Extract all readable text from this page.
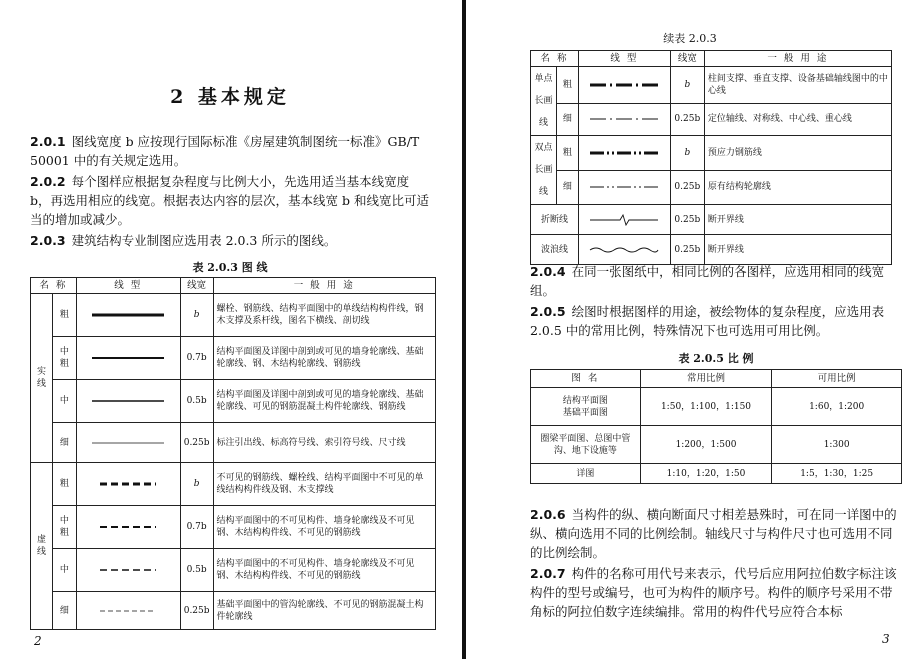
2 基本规定
2.0.1 图线宽度 b 应按现行国际标准《房屋建筑制图统一标准》GB/T 50001 中的有关规定选用。
2.0.2 每个图样应根据复杂程度与比例大小，先选用适当基本线宽度 b，再选用相应的线宽。根据表达内容的层次，基本线宽 b 和线宽比可适当的增加或减少。
2.0.3 建筑结构专业制图应选用表 2.0.3 所示的图线。
表 2.0.3 图 线
名 称		线 型	线宽	一 般 用 途
实线	粗		b	螺栓、钢筋线、结构平面图中的单线结构构件线，钢木支撑及系杆线，图名下横线、剖切线
	中粗		0.7b	结构平面图及详图中剖到或可见的墙身轮廓线、基础轮廓线、钢、木结构轮廓线、钢筋线
	中		0.5b	结构平面图及详图中剖到或可见的墙身轮廓线、基础轮廓线、可见的钢筋混凝土构件轮廓线、钢筋线
	细		0.25b	标注引出线、标高符号线、索引符号线、尺寸线
虚线	粗		b	不可见的钢筋线、螺栓线、结构平面图中不可见的单线结构构件线及钢、木支撑线
	中粗		0.7b	结构平面图中的不可见构件、墙身轮廓线及不可见钢、木结构构件线、不可见的钢筋线
	中		0.5b	结构平面图中的不可见构件、墙身轮廓线及不可见钢、木结构构件线、不可见的钢筋线
	细		0.25b	基础平面图中的管沟轮廓线、不可见的钢筋混凝土构件轮廓线
2
续表 2.0.3
名 称		线 型	线宽	一 般 用 途
单点长画线	粗		b	柱间支撑、垂直支撑、设备基础轴线图中的中心线
	细		0.25b	定位轴线、对称线、中心线、重心线
双点长画线	粗		b	预应力钢筋线
	细		0.25b	原有结构轮廓线
折断线			0.25b	断开界线
波浪线			0.25b	断开界线
2.0.4 在同一张图纸中，相同比例的各图样，应选用相同的线宽组。
2.0.5 绘图时根据图样的用途，被绘物体的复杂程度，应选用表 2.0.5 中的常用比例，特殊情况下也可选用可用比例。
表 2.0.5 比 例
图 名	常用比例	可用比例
结构平面图
基础平面图	1:50，1:100，1:150	1:60，1:200
圈梁平面图、总图中管沟、地下设施等	1:200，1:500	1:300
详图	1:10，1:20，1:50	1:5，1:30，1:25
2.0.6 当构件的纵、横向断面尺寸相差悬殊时，可在同一详图中的纵、横向选用不同的比例绘制。轴线尺寸与构件尺寸也可选用不同的比例绘制。
2.0.7 构件的名称可用代号来表示，代号后应用阿拉伯数字标注该构件的型号或编号，也可为构件的顺序号。构件的顺序号采用不带角标的阿拉伯数字连续编排。常用的构件代号应符合本标
3
